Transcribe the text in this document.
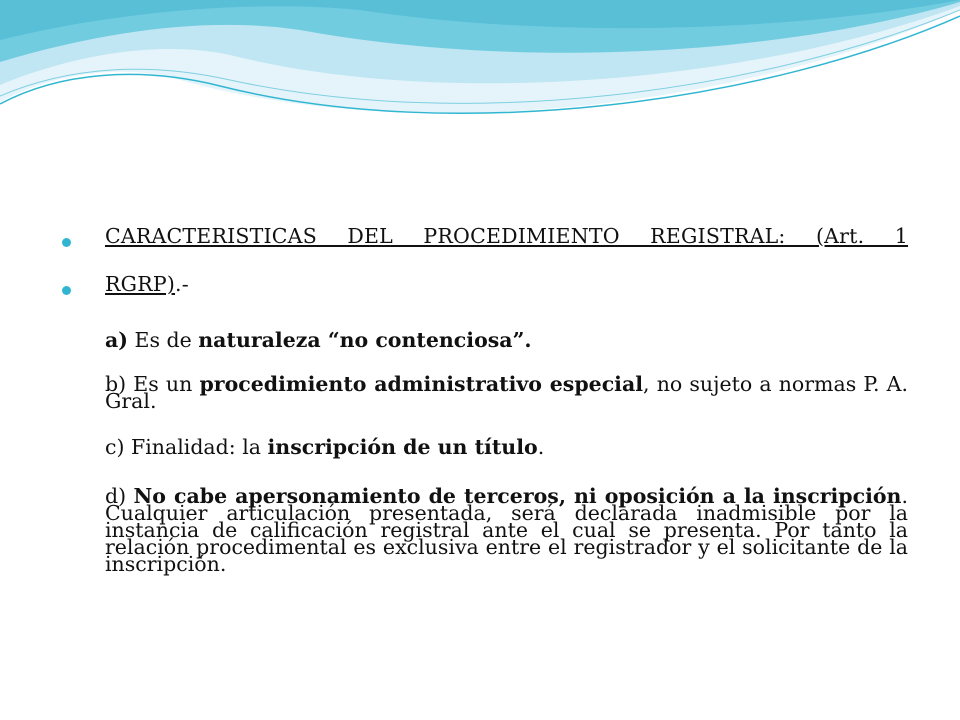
CARACTERISTICAS DEL PROCEDIMIENTO REGISTRAL: (Art. 1
RGRP).-
a) Es de naturaleza “no contenciosa”.
b) Es un procedimiento administrativo especial, no sujeto a normas P. A. Gral.
c) Finalidad: la inscripción de un título.
d) No cabe apersonamiento de terceros, ni oposición a la inscripción. Cualquier articulación presentada, será declarada inadmisible por la instancia de calificación registral ante el cual se presenta. Por tanto la relación procedimental es exclusiva entre el registrador y el solicitante de la inscripción.
